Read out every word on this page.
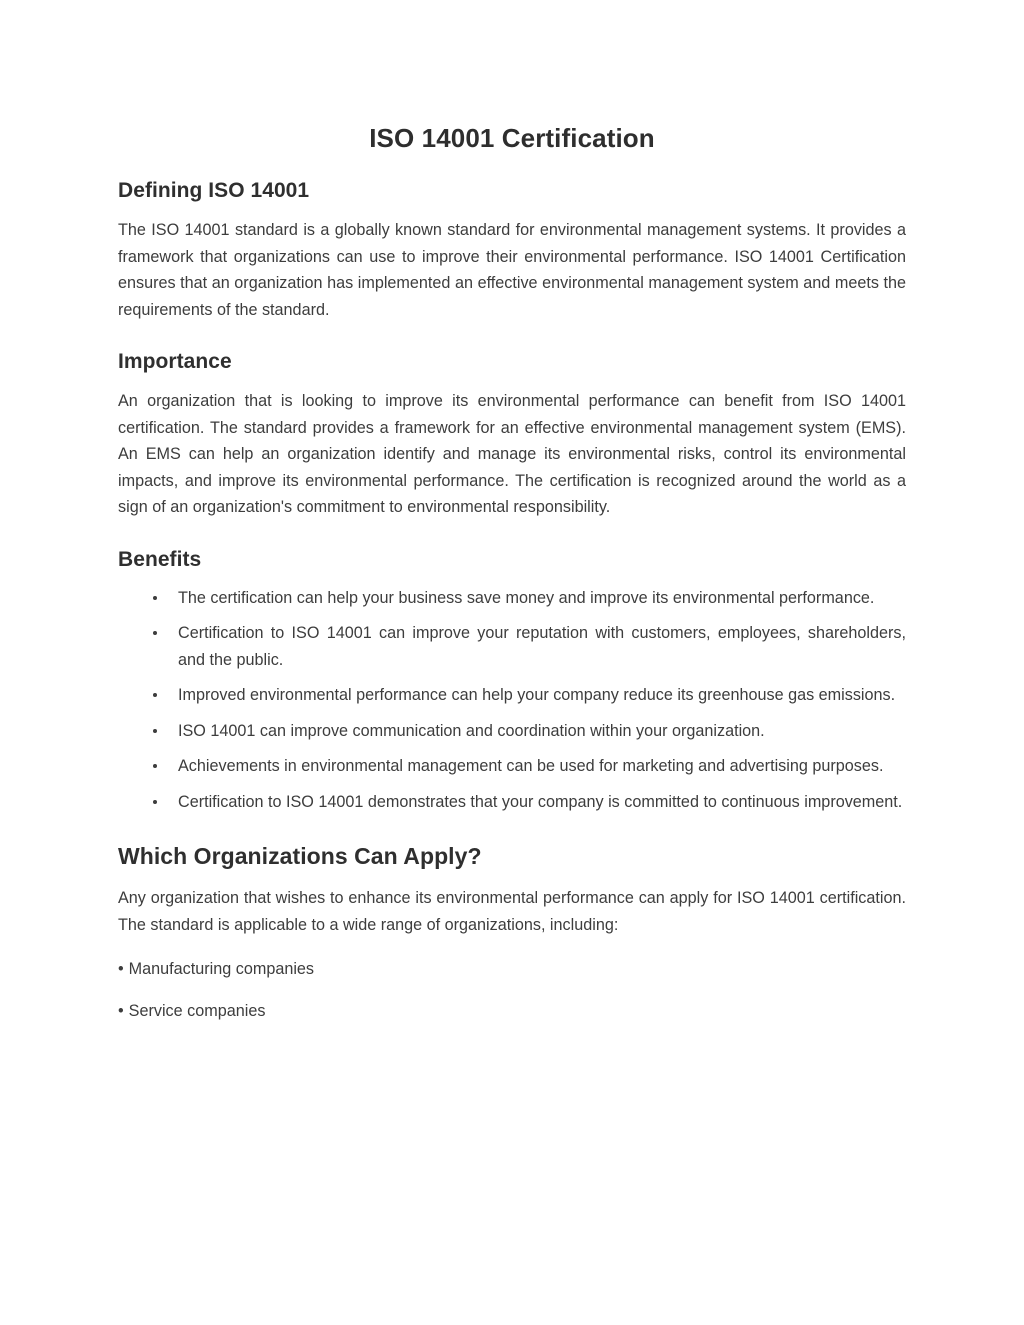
ISO 14001 Certification
Defining ISO 14001

The ISO 14001 standard is a globally known standard for environmental management systems. It provides a framework that organizations can use to improve their environmental performance. ISO 14001 Certification ensures that an organization has implemented an effective environmental management system and meets the requirements of the standard.

Importance

An organization that is looking to improve its environmental performance can benefit from ISO 14001 certification. The standard provides a framework for an effective environmental management system (EMS). An EMS can help an organization identify and manage its environmental risks, control its environmental impacts, and improve its environmental performance. The certification is recognized around the world as a sign of an organization's commitment to environmental responsibility.

Benefits
The certification can help your business save money and improve its environmental performance.
Certification to ISO 14001 can improve your reputation with customers, employees, shareholders, and the public.
Improved environmental performance can help your company reduce its greenhouse gas emissions.
ISO 14001 can improve communication and coordination within your organization.
Achievements in environmental management can be used for marketing and advertising purposes.
Certification to ISO 14001 demonstrates that your company is committed to continuous improvement.
Which Organizations Can Apply?

Any organization that wishes to enhance its environmental performance can apply for ISO 14001 certification. The standard is applicable to a wide range of organizations, including:

• Manufacturing companies
• Service companies
